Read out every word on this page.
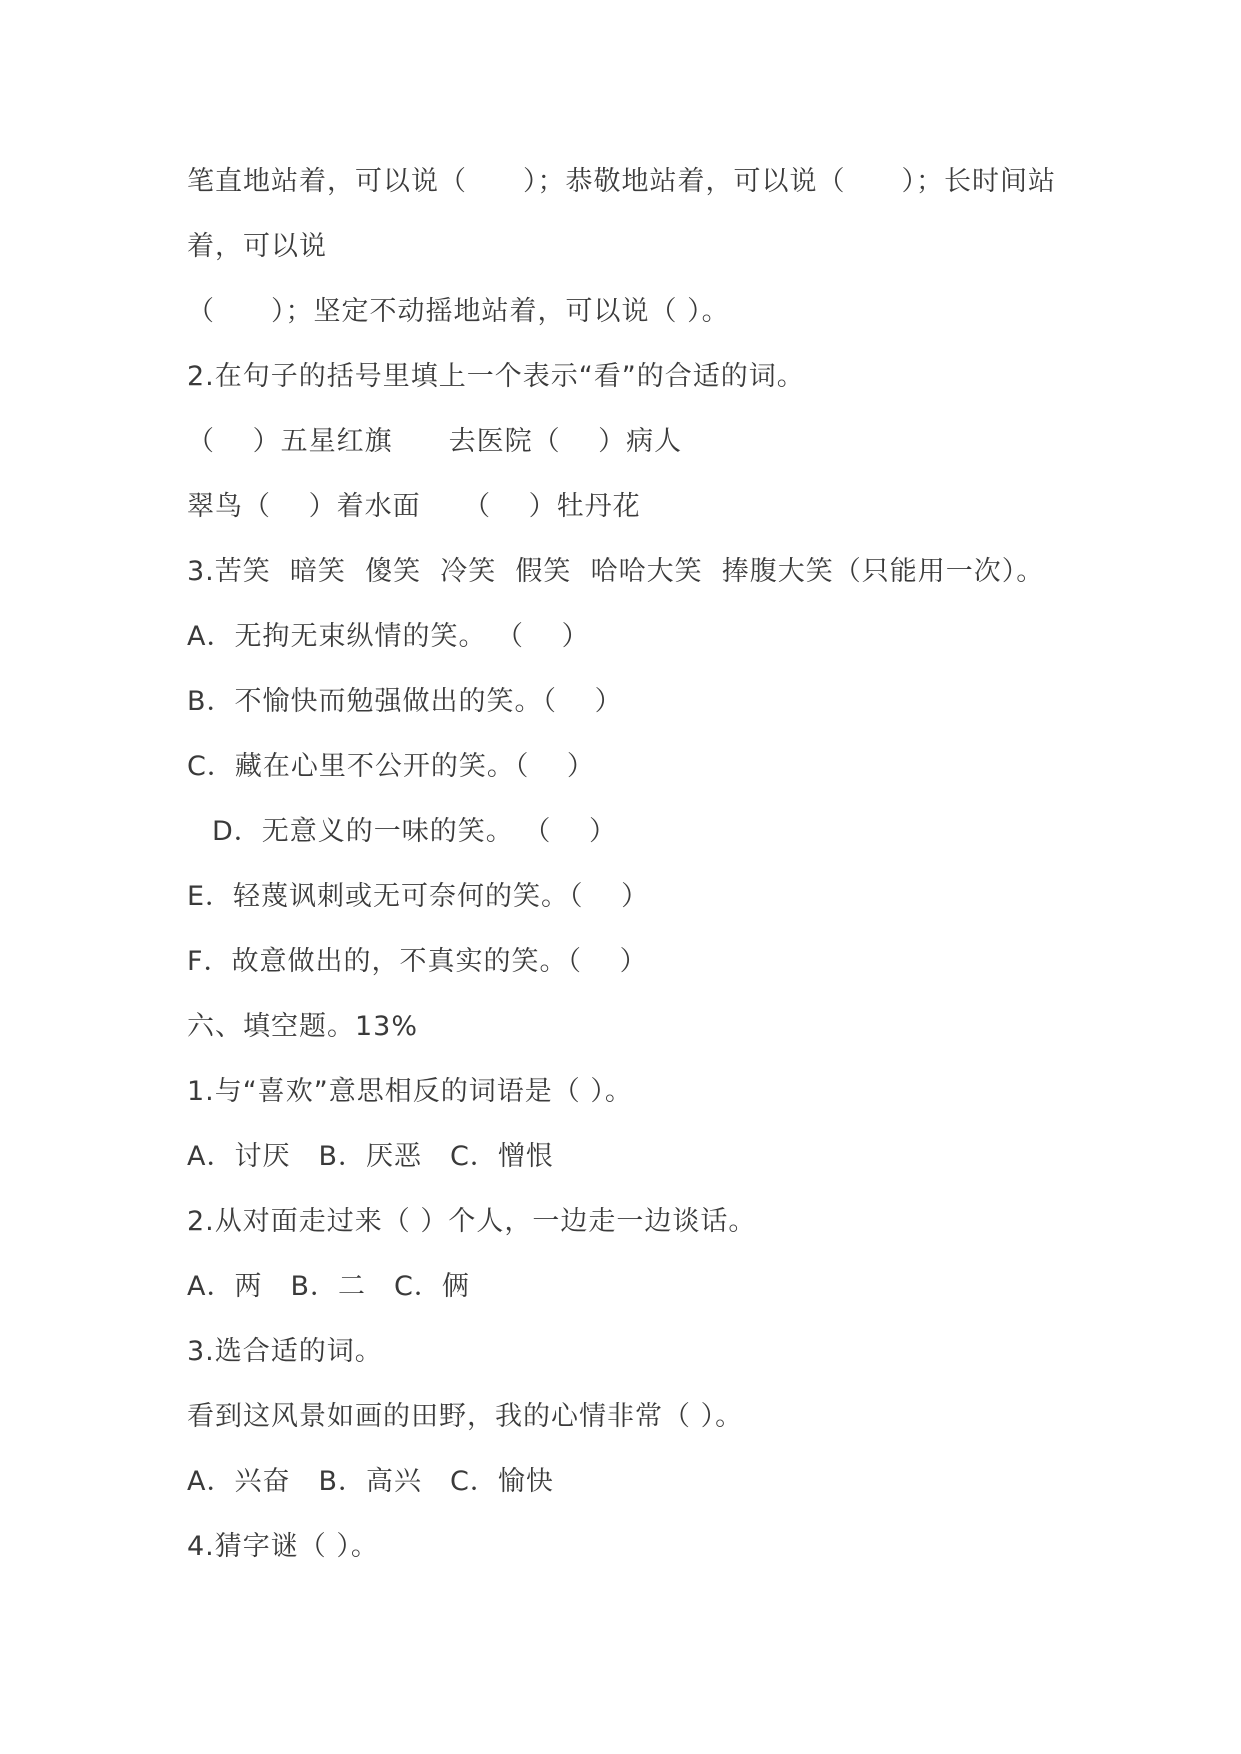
笔直地站着，可以说（　　）；恭敬地站着，可以说（　　）；长时间站
着，可以说
（　　）；坚定不动摇地站着，可以说（ ）。
2.在句子的括号里填上一个表示“看”的合适的词。
（　 ）五星红旗　　去医院（　 ）病人
翠鸟（　 ）着水面　　（　 ）牡丹花
3.苦笑  暗笑  傻笑  冷笑  假笑  哈哈大笑  捧腹大笑（只能用一次）。
A．无拘无束纵情的笑。 （　 ）
B．不愉快而勉强做出的笑。（　 ）
C．藏在心里不公开的笑。（　 ）
D．无意义的一味的笑。 （　 ）
E．轻蔑讽刺或无可奈何的笑。（　 ）
F．故意做出的，不真实的笑。（　 ）
六、填空题。13%
1.与“喜欢”意思相反的词语是（ ）。
A．讨厌　B．厌恶　C．憎恨
2.从对面走过来（ ）个人，一边走一边谈话。
A．两　B．二　C．俩
3.选合适的词。
看到这风景如画的田野，我的心情非常（ ）。
A．兴奋　B．高兴　C．愉快
4.猜字谜（ ）。
